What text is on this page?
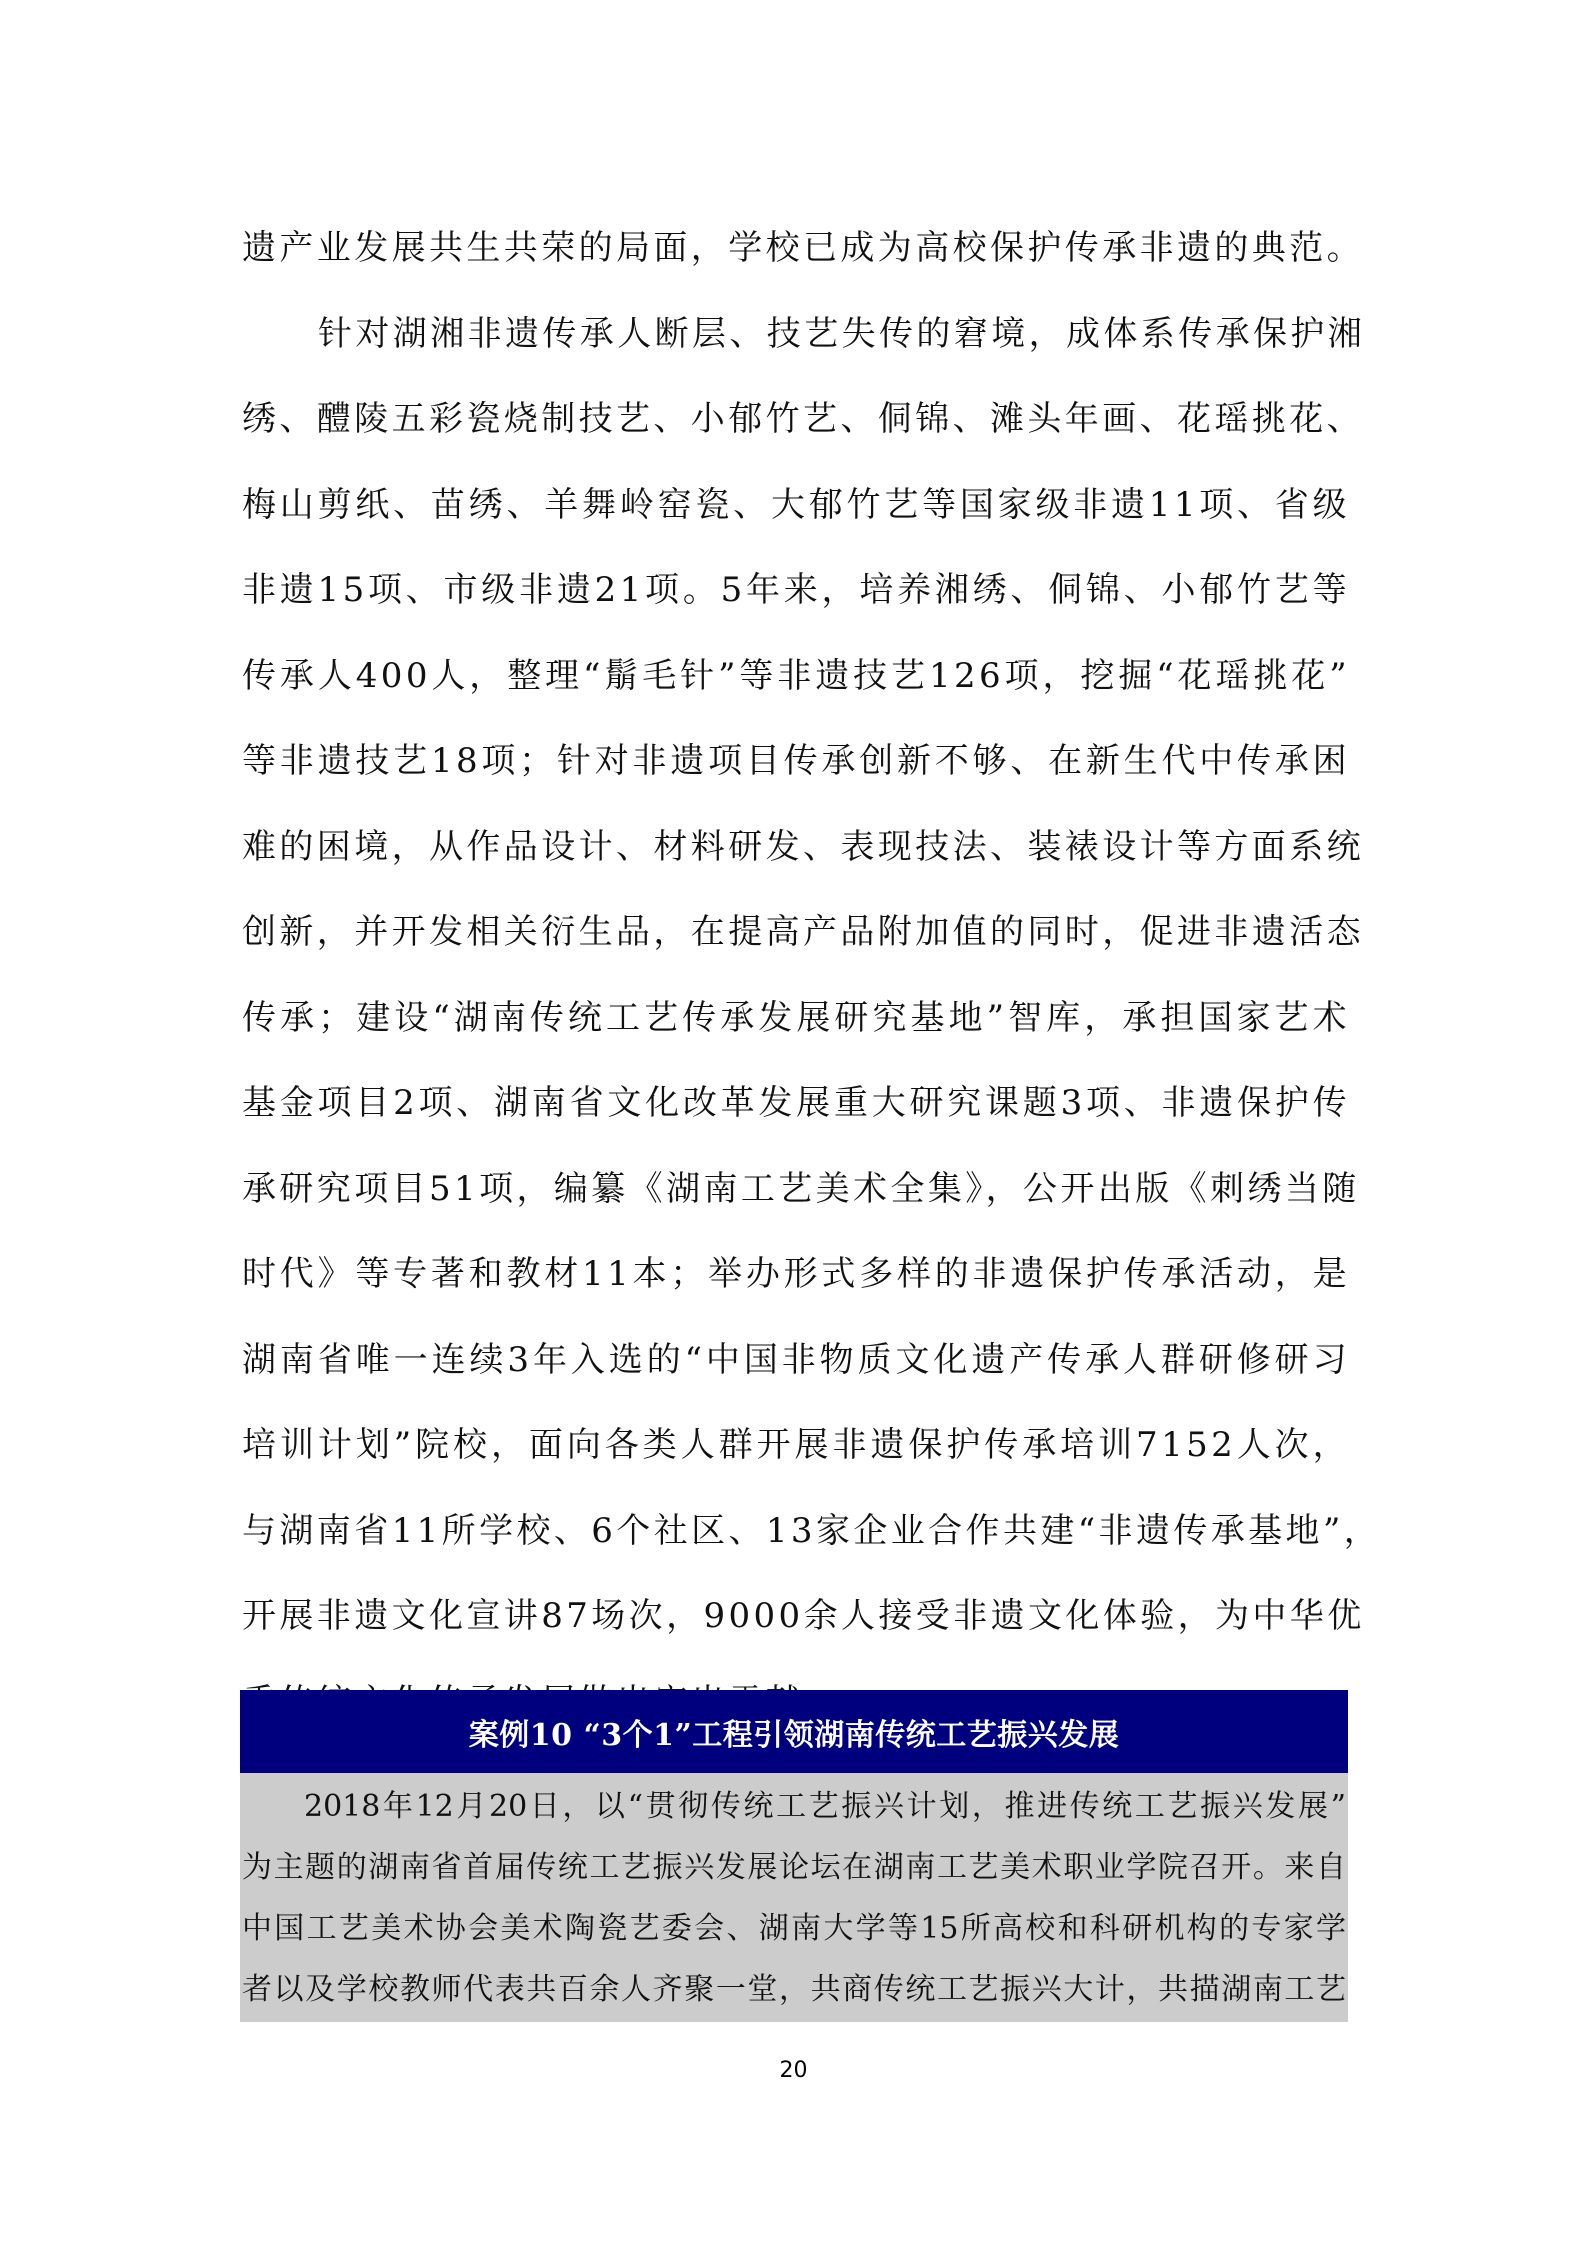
遗产业发展共生共荣的局面，学校已成为高校保护传承非遗的典范。
针对湖湘非遗传承人断层、技艺失传的窘境，成体系传承保护湘
绣、醴陵五彩瓷烧制技艺、小郁竹艺、侗锦、滩头年画、花瑶挑花、
梅山剪纸、苗绣、羊舞岭窑瓷、大郁竹艺等国家级非遗11项、省级
非遗15项、市级非遗21项。5年来，培养湘绣、侗锦、小郁竹艺等
传承人400人，整理“鬅毛针”等非遗技艺126项，挖掘“花瑶挑花”
等非遗技艺18项；针对非遗项目传承创新不够、在新生代中传承困
难的困境，从作品设计、材料研发、表现技法、装裱设计等方面系统
创新，并开发相关衍生品，在提高产品附加值的同时，促进非遗活态
传承；建设“湖南传统工艺传承发展研究基地”智库，承担国家艺术
基金项目2项、湖南省文化改革发展重大研究课题3项、非遗保护传
承研究项目51项，编纂《湖南工艺美术全集》，公开出版《刺绣当随
时代》等专著和教材11本；举办形式多样的非遗保护传承活动，是
湖南省唯一连续3年入选的“中国非物质文化遗产传承人群研修研习
培训计划”院校，面向各类人群开展非遗保护传承培训7152人次，
与湖南省11所学校、6个社区、13家企业合作共建“非遗传承基地”，
开展非遗文化宣讲87场次，9000余人接受非遗文化体验，为中华优
案例10 “3个1”工程引领湖南传统工艺振兴发展
2018年12月20日，以“贯彻传统工艺振兴计划，推进传统工艺振兴发展”
为主题的湖南省首届传统工艺振兴发展论坛在湖南工艺美术职业学院召开。来自
中国工艺美术协会美术陶瓷艺委会、湖南大学等15所高校和科研机构的专家学
者以及学校教师代表共百余人齐聚一堂，共商传统工艺振兴大计，共描湖南工艺
20
